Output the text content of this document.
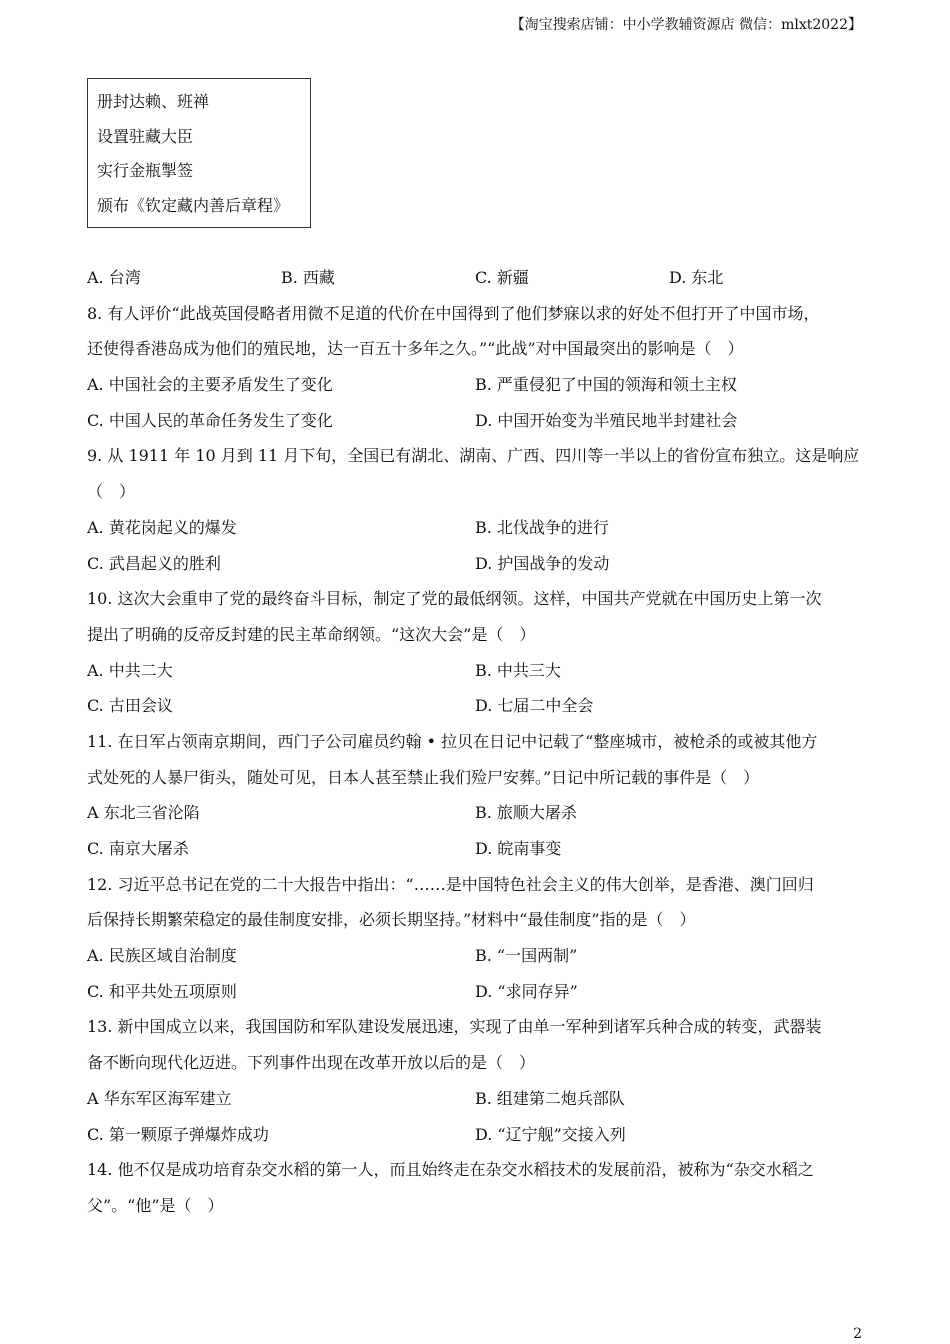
【淘宝搜索店铺：中小学教辅资源店 微信：mlxt2022】
册封达赖、班禅
设置驻藏大臣
实行金瓶掣签
颁布《钦定藏内善后章程》
A. 台湾	B. 西藏	C. 新疆	D. 东北
8. 有人评价“此战英国侵略者用微不足道的代价在中国得到了他们梦寐以求的好处不但打开了中国市场，
还使得香港岛成为他们的殖民地，达一百五十多年之久。”“此战”对中国最突出的影响是（　）
A. 中国社会的主要矛盾发生了变化	B. 严重侵犯了中国的领海和领土主权
C. 中国人民的革命任务发生了变化	D. 中国开始变为半殖民地半封建社会
9. 从 1911 年 10 月到 11 月下旬，全国已有湖北、湖南、广西、四川等一半以上的省份宣布独立。这是响应
（　）
A. 黄花岗起义的爆发	B. 北伐战争的进行
C. 武昌起义的胜利	D. 护国战争的发动
10. 这次大会重申了党的最终奋斗目标，制定了党的最低纲领。这样，中国共产党就在中国历史上第一次
提出了明确的反帝反封建的民主革命纲领。“这次大会”是（　）
A. 中共二大	B. 中共三大
C. 古田会议	D. 七届二中全会
11. 在日军占领南京期间，西门子公司雇员约翰 • 拉贝在日记中记载了“整座城市，被枪杀的或被其他方
式处死的人暴尸街头，随处可见，日本人甚至禁止我们殓尸安葬。”日记中所记载的事件是（　）
A 东北三省沦陷	B. 旅顺大屠杀
C. 南京大屠杀	D. 皖南事变
12. 习近平总书记在党的二十大报告中指出：“……是中国特色社会主义的伟大创举，是香港、澳门回归
后保持长期繁荣稳定的最佳制度安排，必须长期坚持。”材料中“最佳制度”指的是（　）
A. 民族区域自治制度	B. “一国两制”
C. 和平共处五项原则	D. “求同存异”
13. 新中国成立以来，我国国防和军队建设发展迅速，实现了由单一军种到诸军兵种合成的转变，武器装
备不断向现代化迈进。下列事件出现在改革开放以后的是（　）
A 华东军区海军建立	B. 组建第二炮兵部队
C. 第一颗原子弹爆炸成功	D. “辽宁舰”交接入列
14. 他不仅是成功培育杂交水稻的第一人，而且始终走在杂交水稻技术的发展前沿，被称为“杂交水稻之
父”。“他”是（　）
2
